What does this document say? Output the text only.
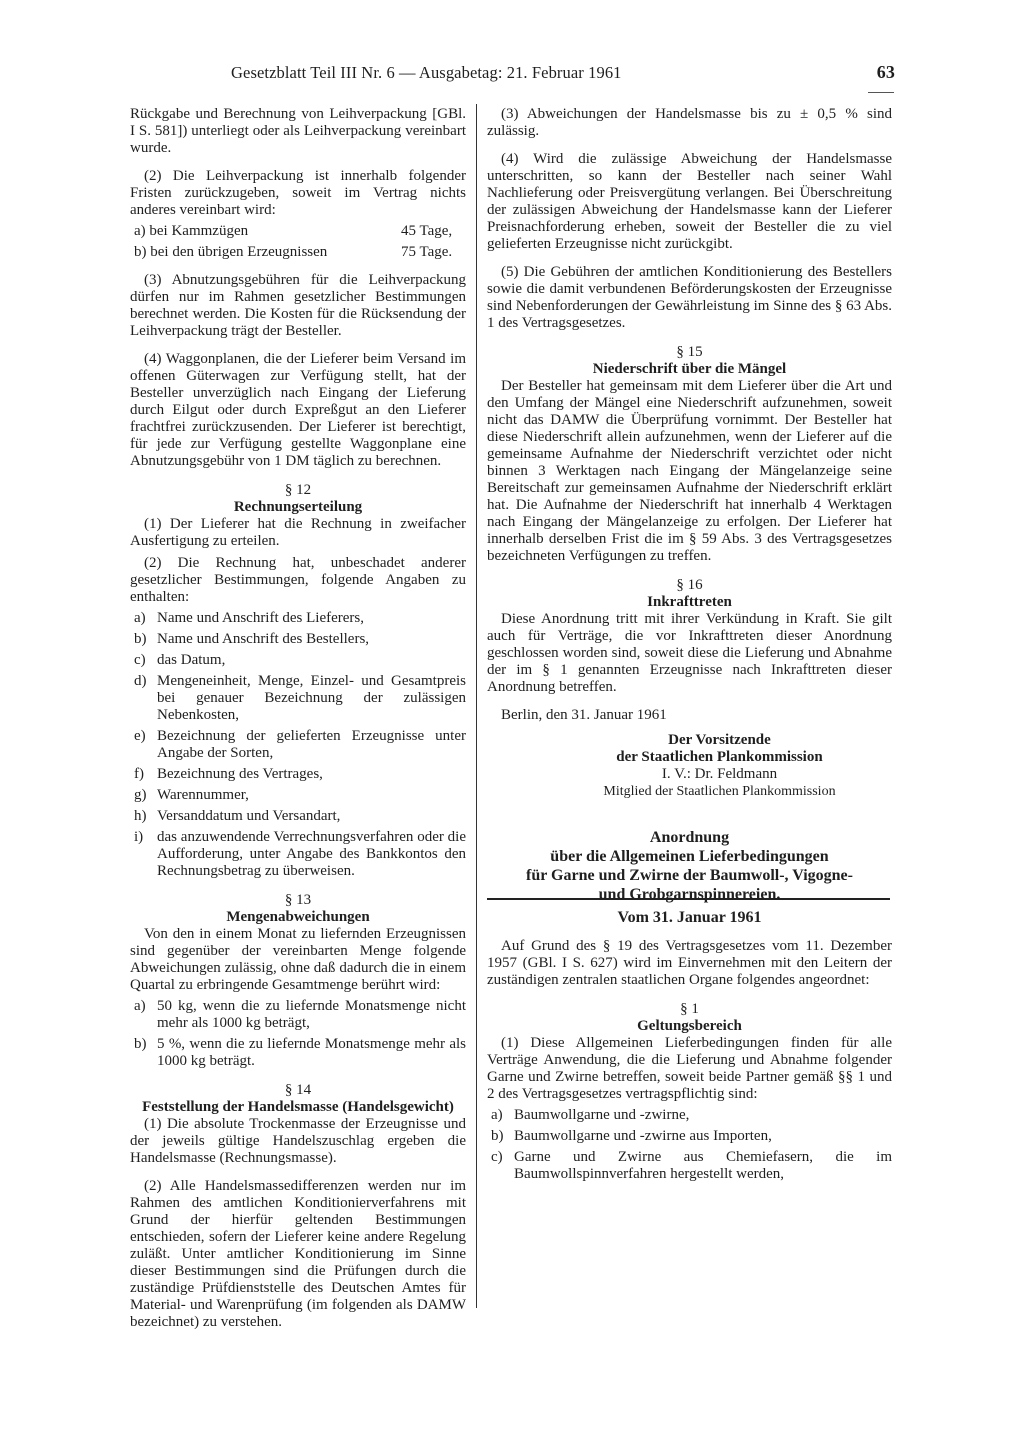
Gesetzblatt Teil III Nr. 6 — Ausgabetag: 21. Februar 1961	63

Rückgabe und Berechnung von Leihverpackung [GBl. I S. 581]) unterliegt oder als Leihverpackung vereinbart wurde.

(2) Die Leihverpackung ist innerhalb folgender Fristen zurückzugeben, soweit im Vertrag nichts anderes vereinbart wird:

a) bei Kammzügen	45 Tage,
b) bei den übrigen Erzeugnissen	75 Tage.

(3) Abnutzungsgebühren für die Leihverpackung dürfen nur im Rahmen gesetzlicher Bestimmungen berechnet werden. Die Kosten für die Rücksendung der Leihverpackung trägt der Besteller.

(4) Waggonplanen, die der Lieferer beim Versand im offenen Güterwagen zur Verfügung stellt, hat der Besteller unverzüglich nach Eingang der Lieferung durch Eilgut oder durch Expreßgut an den Lieferer frachtfrei zurückzusenden. Der Lieferer ist berechtigt, für jede zur Verfügung gestellte Waggonplane eine Abnutzungsgebühr von 1 DM täglich zu berechnen.

§ 12

Rechnungserteilung

(1) Der Lieferer hat die Rechnung in zweifacher Ausfertigung zu erteilen.

(2) Die Rechnung hat, unbeschadet anderer gesetzlicher Bestimmungen, folgende Angaben zu enthalten:

a) Name und Anschrift des Lieferers,
b) Name und Anschrift des Bestellers,
c) das Datum,
d) Mengeneinheit, Menge, Einzel- und Gesamtpreis bei genauer Bezeichnung der zulässigen Nebenkosten,
e) Bezeichnung der gelieferten Erzeugnisse unter Angabe der Sorten,
f) Bezeichnung des Vertrages,
g) Warennummer,
h) Versanddatum und Versandart,
i) das anzuwendende Verrechnungsverfahren oder die Aufforderung, unter Angabe des Bankkontos den Rechnungsbetrag zu überweisen.

§ 13

Mengenabweichungen

Von den in einem Monat zu liefernden Erzeugnissen sind gegenüber der vereinbarten Menge folgende Abweichungen zulässig, ohne daß dadurch die in einem Quartal zu erbringende Gesamtmenge berührt wird:

a) 50 kg, wenn die zu liefernde Monatsmenge nicht mehr als 1000 kg beträgt,
b) 5 %, wenn die zu liefernde Monatsmenge mehr als 1000 kg beträgt.

§ 14

Feststellung der Handelsmasse (Handelsgewicht)

(1) Die absolute Trockenmasse der Erzeugnisse und der jeweils gültige Handelszuschlag ergeben die Handelsmasse (Rechnungsmasse).

(2) Alle Handelsmassedifferenzen werden nur im Rahmen des amtlichen Konditionierverfahrens mit Grund der hierfür geltenden Bestimmungen entschieden, sofern der Lieferer keine andere Regelung zuläßt. Unter amtlicher Konditionierung im Sinne dieser Bestimmungen sind die Prüfungen durch die zuständige Prüfdienststelle des Deutschen Amtes für Material- und Warenprüfung (im folgenden als DAMW bezeichnet) zu verstehen.

(3) Abweichungen der Handelsmasse bis zu ± 0,5 % sind zulässig.

(4) Wird die zulässige Abweichung der Handelsmasse unterschritten, so kann der Besteller nach seiner Wahl Nachlieferung oder Preisvergütung verlangen. Bei Überschreitung der zulässigen Abweichung der Handelsmasse kann der Lieferer Preisnachforderung erheben, soweit der Besteller die zu viel gelieferten Erzeugnisse nicht zurückgibt.

(5) Die Gebühren der amtlichen Konditionierung des Bestellers sowie die damit verbundenen Beförderungskosten der Erzeugnisse sind Nebenforderungen der Gewährleistung im Sinne des § 63 Abs. 1 des Vertragsgesetzes.

§ 15

Niederschrift über die Mängel

Der Besteller hat gemeinsam mit dem Lieferer über die Art und den Umfang der Mängel eine Niederschrift aufzunehmen, soweit nicht das DAMW die Überprüfung vornimmt. Der Besteller hat diese Niederschrift allein aufzunehmen, wenn der Lieferer auf die gemeinsame Aufnahme der Niederschrift verzichtet oder nicht binnen 3 Werktagen nach Eingang der Mängelanzeige seine Bereitschaft zur gemeinsamen Aufnahme der Niederschrift erklärt hat. Die Aufnahme der Niederschrift hat innerhalb 4 Werktagen nach Eingang der Mängelanzeige zu erfolgen. Der Lieferer hat innerhalb derselben Frist die im § 59 Abs. 3 des Vertragsgesetzes bezeichneten Verfügungen zu treffen.

§ 16

Inkrafttreten

Diese Anordnung tritt mit ihrer Verkündung in Kraft. Sie gilt auch für Verträge, die vor Inkrafttreten dieser Anordnung geschlossen worden sind, soweit diese die Lieferung und Abnahme der im § 1 genannten Erzeugnisse nach Inkrafttreten dieser Anordnung betreffen.

Berlin, den 31. Januar 1961

Der Vorsitzende

der Staatlichen Plankommission

I. V.: Dr. Feldmann

Mitglied der Staatlichen Plankommission

Anordnung

über die Allgemeinen Lieferbedingungen

für Garne und Zwirne der Baumwoll-, Vigogne-

und Grobgarnspinnereien.

Vom 31. Januar 1961

Auf Grund des § 19 des Vertragsgesetzes vom 11. Dezember 1957 (GBl. I S. 627) wird im Einvernehmen mit den Leitern der zuständigen zentralen staatlichen Organe folgendes angeordnet:

§ 1

Geltungsbereich

(1) Diese Allgemeinen Lieferbedingungen finden für alle Verträge Anwendung, die die Lieferung und Abnahme folgender Garne und Zwirne betreffen, soweit beide Partner gemäß §§ 1 und 2 des Vertragsgesetzes vertragspflichtig sind:

a) Baumwollgarne und -zwirne,
b) Baumwollgarne und -zwirne aus Importen,
c) Garne und Zwirne aus Chemiefasern, die im Baumwollspinnverfahren hergestellt werden,
